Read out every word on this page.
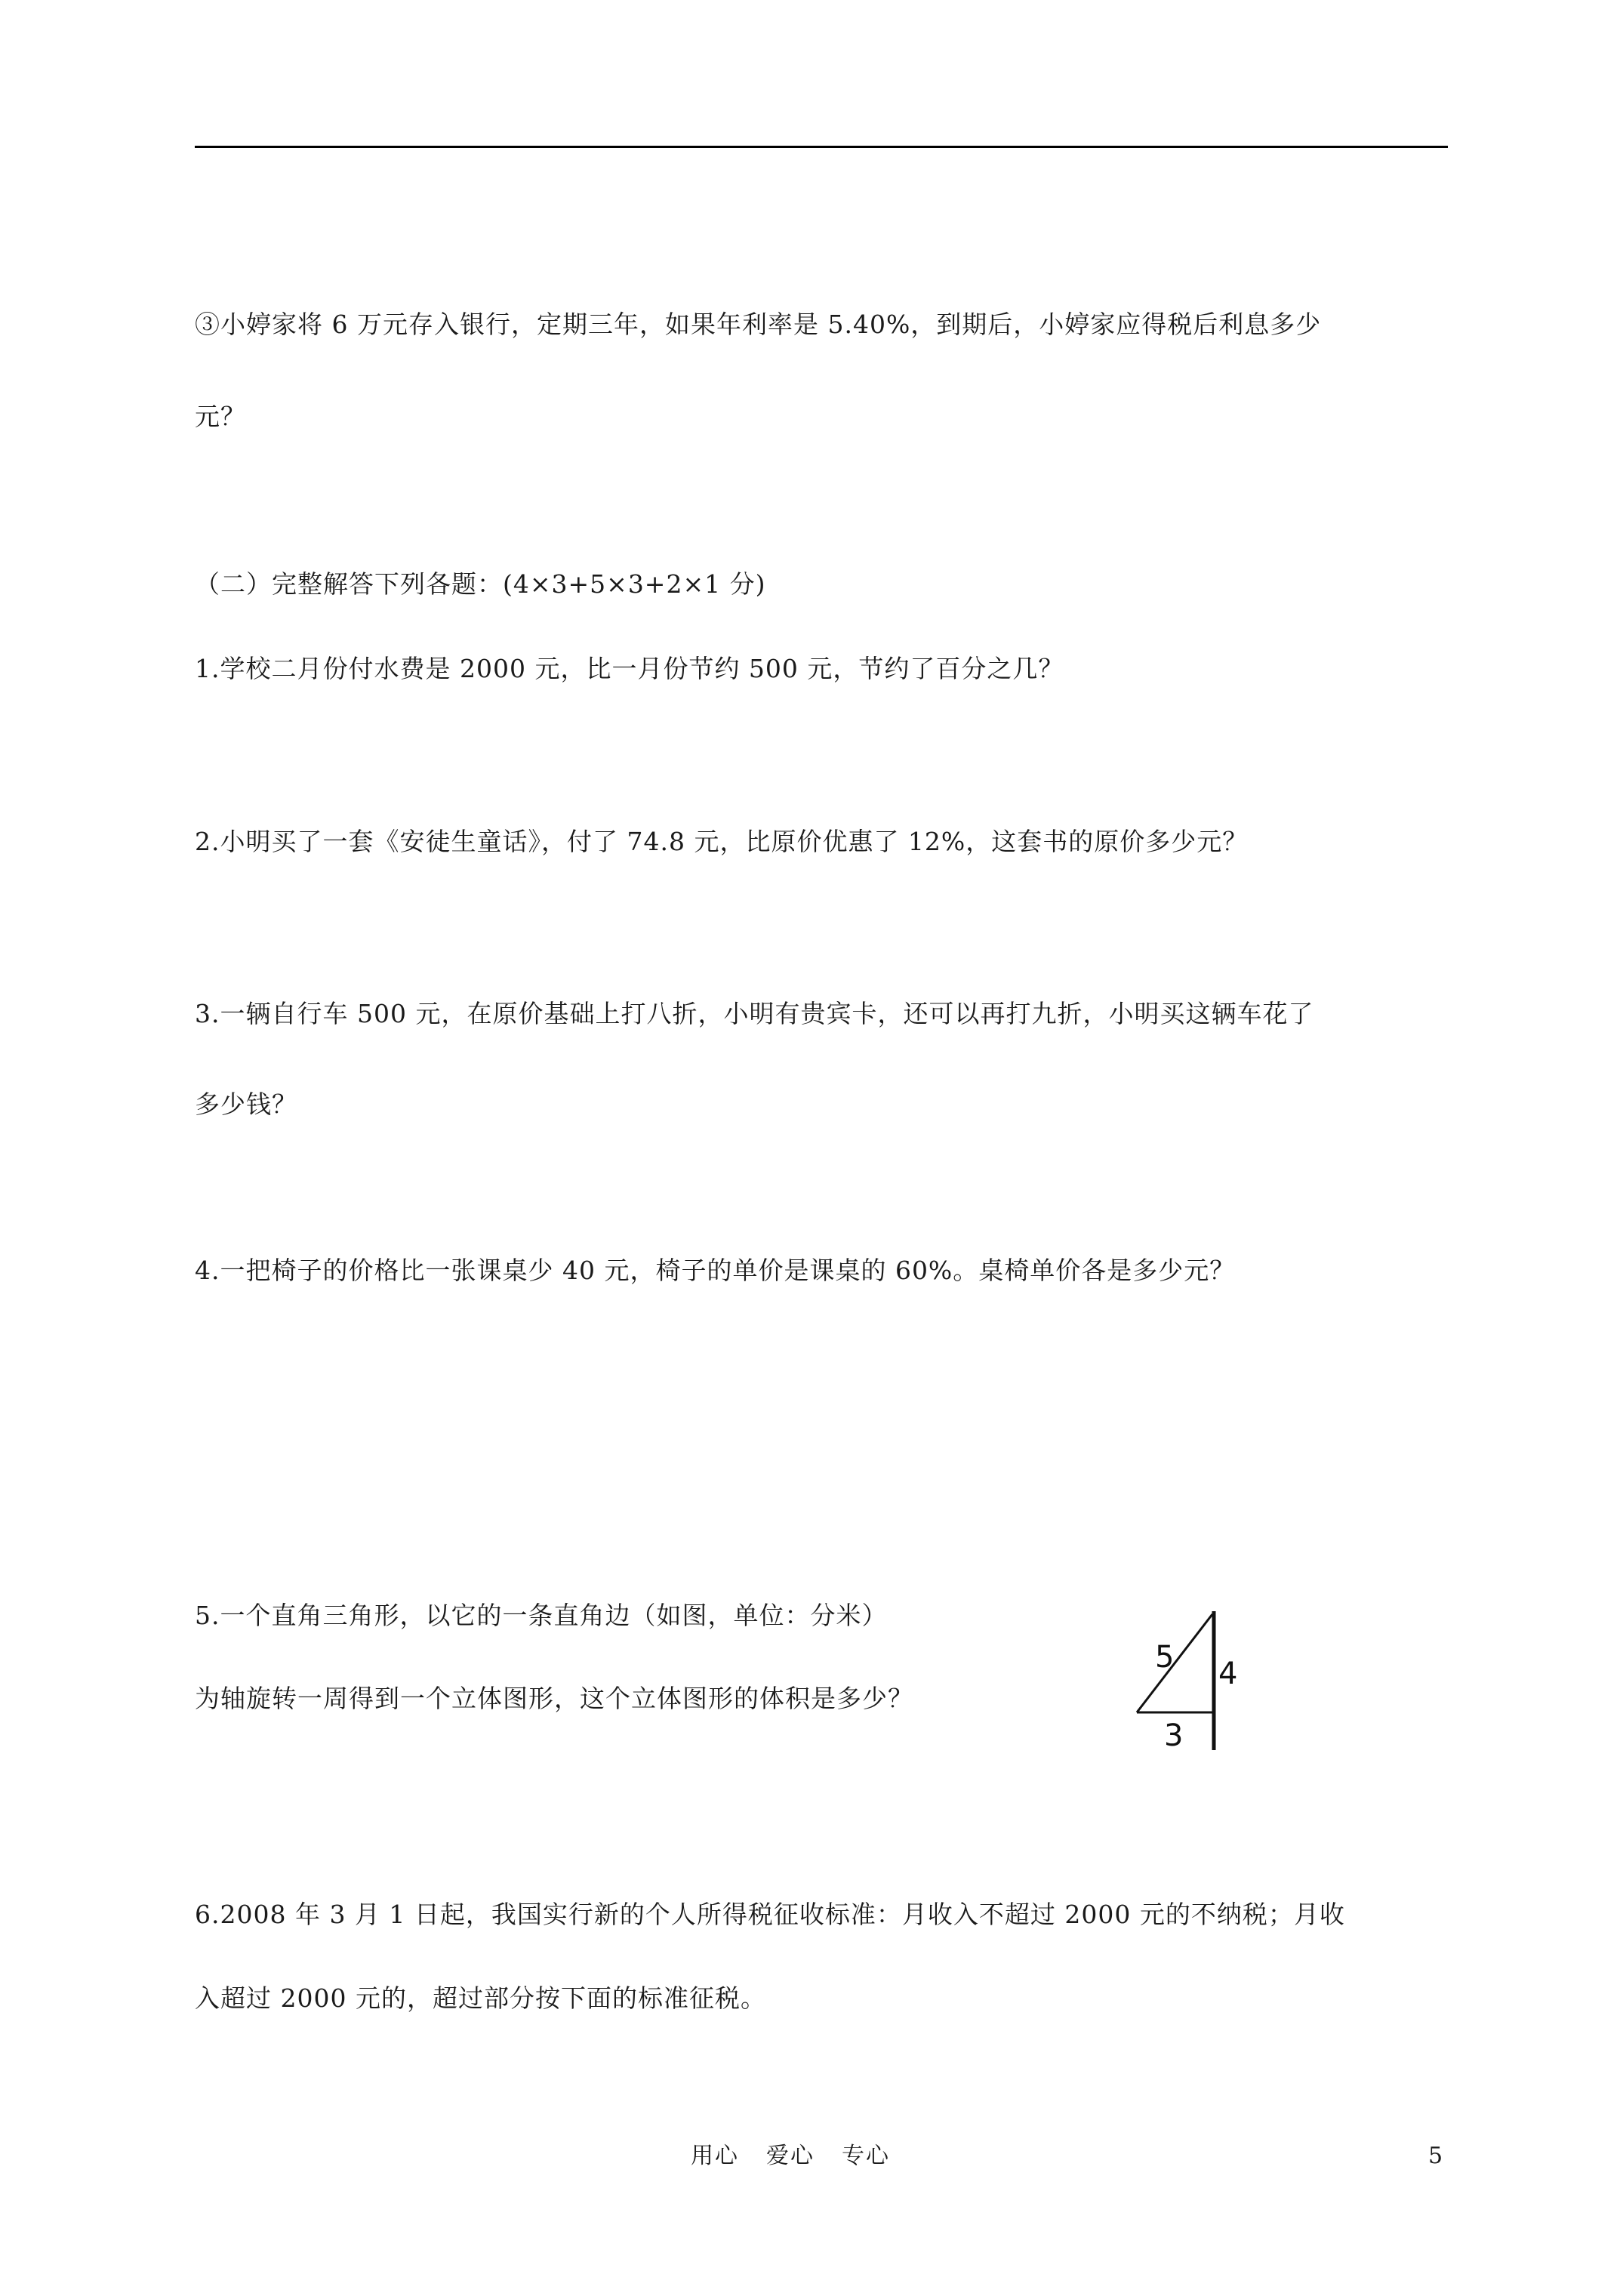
③小婷家将 6 万元存入银行，定期三年，如果年利率是 5.40%，到期后，小婷家应得税后利息多少
元？
（二）完整解答下列各题：(4×3+5×3+2×1 分)
1.学校二月份付水费是 2000 元，比一月份节约 500 元，节约了百分之几？
2.小明买了一套《安徒生童话》，付了 74.8 元，比原价优惠了 12%，这套书的原价多少元？
3.一辆自行车 500 元，在原价基础上打八折，小明有贵宾卡，还可以再打九折，小明买这辆车花了
多少钱？
4.一把椅子的价格比一张课桌少 40 元，椅子的单价是课桌的 60%。桌椅单价各是多少元？
5.一个直角三角形，以它的一条直角边（如图，单位：分米）
为轴旋转一周得到一个立体图形，这个立体图形的体积是多少？
5 4
3
6.2008 年 3 月 1 日起，我国实行新的个人所得税征收标准：月收入不超过 2000 元的不纳税；月收
入超过 2000 元的，超过部分按下面的标准征税。
用心 爱心 专心	5
